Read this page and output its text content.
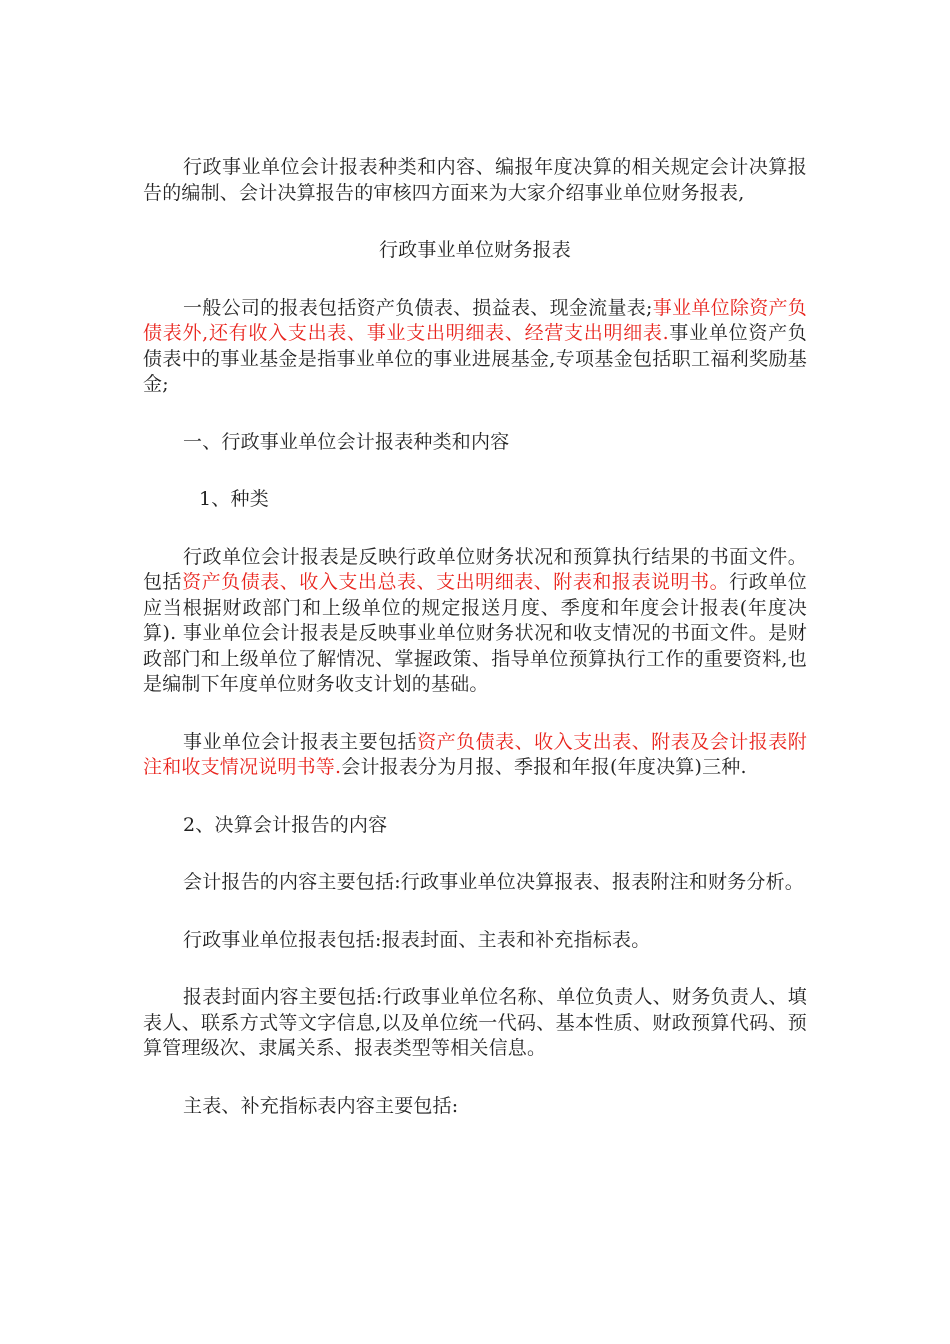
行政事业单位会计报表种类和内容、编报年度决算的相关规定会计决算报告的编制、会计决算报告的审核四方面来为大家介绍事业单位财务报表,

行政事业单位财务报表

一般公司的报表包括资产负债表、损益表、现金流量表;事业单位除资产负债表外,还有收入支出表、事业支出明细表、经营支出明细表.事业单位资产负债表中的事业基金是指事业单位的事业进展基金,专项基金包括职工福利奖励基金;

一、行政事业单位会计报表种类和内容

1、种类

行政单位会计报表是反映行政单位财务状况和预算执行结果的书面文件。包括资产负债表、收入支出总表、支出明细表、附表和报表说明书。行政单位应当根据财政部门和上级单位的规定报送月度、季度和年度会计报表(年度决算). 事业单位会计报表是反映事业单位财务状况和收支情况的书面文件。是财政部门和上级单位了解情况、掌握政策、指导单位预算执行工作的重要资料,也是编制下年度单位财务收支计划的基础。

事业单位会计报表主要包括资产负债表、收入支出表、附表及会计报表附注和收支情况说明书等.会计报表分为月报、季报和年报(年度决算)三种.

2、决算会计报告的内容

会计报告的内容主要包括:行政事业单位决算报表、报表附注和财务分析。

行政事业单位报表包括:报表封面、主表和补充指标表。

报表封面内容主要包括:行政事业单位名称、单位负责人、财务负责人、填表人、联系方式等文字信息,以及单位统一代码、基本性质、财政预算代码、预算管理级次、隶属关系、报表类型等相关信息。

主表、补充指标表内容主要包括:
